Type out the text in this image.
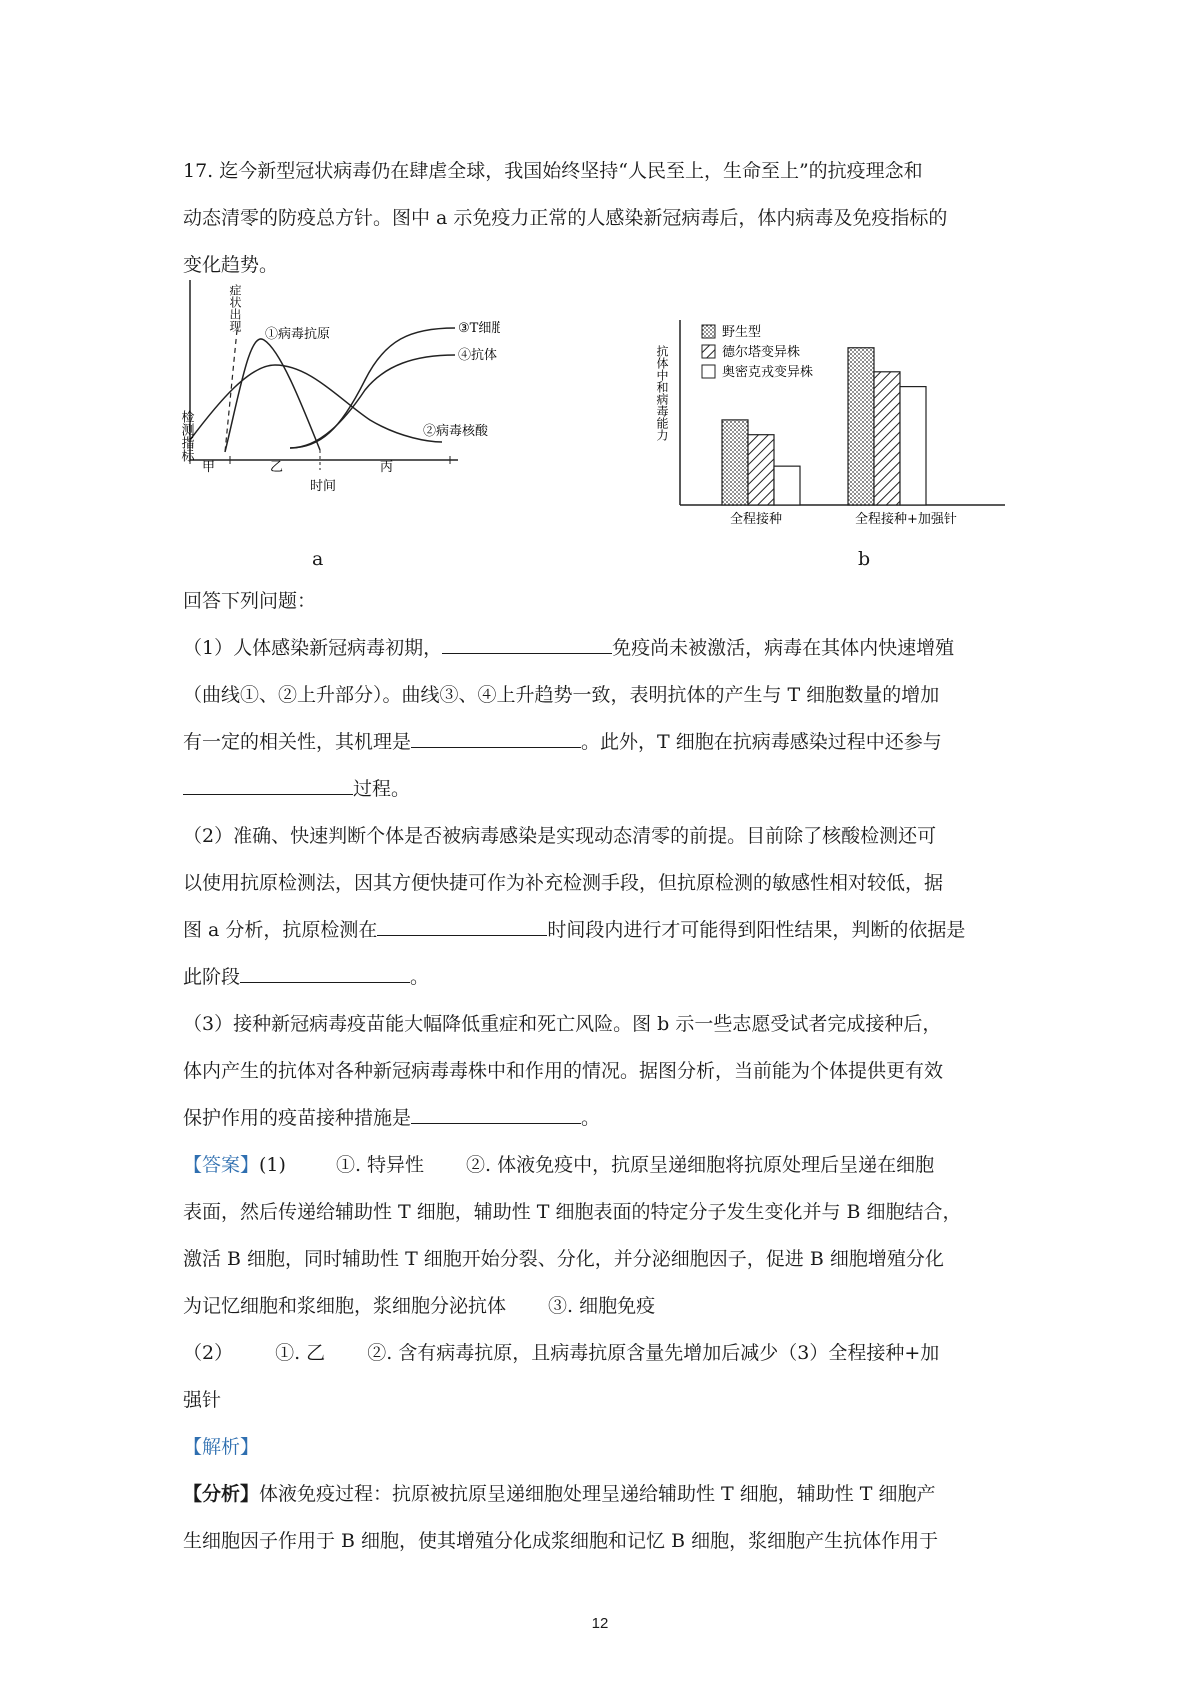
17. 迄今新型冠状病毒仍在肆虐全球，我国始终坚持“人民至上，生命至上”的抗疫理念和
动态清零的防疫总方针。图中 a 示免疫力正常的人感染新冠病毒后，体内病毒及免疫指标的
变化趋势。
检测指标
症状出现
①病毒抗原
②病毒核酸
③T细胞
④抗体
甲	乙	丙
时间
a
抗体中和病毒能力
野生型
德尔塔变异株
奥密克戎变异株
全程接种	全程接种+加强针
b
回答下列问题：
（1）人体感染新冠病毒初期，	免疫尚未被激活，病毒在其体内快速增殖
（曲线①、②上升部分）。曲线③、④上升趋势一致，表明抗体的产生与 T 细胞数量的增加
有一定的相关性，其机理是	。此外，T 细胞在抗病毒感染过程中还参与
过程。
（2）准确、快速判断个体是否被病毒感染是实现动态清零的前提。目前除了核酸检测还可
以使用抗原检测法，因其方便快捷可作为补充检测手段，但抗原检测的敏感性相对较低，据
图 a 分析，抗原检测在	时间段内进行才可能得到阳性结果，判断的依据是
此阶段	。
（3）接种新冠病毒疫苗能大幅降低重症和死亡风险。图 b 示一些志愿受试者完成接种后，
体内产生的抗体对各种新冠病毒毒株中和作用的情况。据图分析，当前能为个体提供更有效
保护作用的疫苗接种措施是	。
【答案】(1)	①. 特异性 ②. 体液免疫中，抗原呈递细胞将抗原处理后呈递在细胞
表面，然后传递给辅助性 T 细胞，辅助性 T 细胞表面的特定分子发生变化并与 B 细胞结合，
激活 B 细胞，同时辅助性 T 细胞开始分裂、分化，并分泌细胞因子，促进 B 细胞增殖分化
为记忆细胞和浆细胞，浆细胞分泌抗体 ③. 细胞免疫
（2） ①. 乙 ②. 含有病毒抗原，且病毒抗原含量先增加后减少（3）全程接种+加
强针
【解析】
【分析】体液免疫过程：抗原被抗原呈递细胞处理呈递给辅助性 T 细胞，辅助性 T 细胞产
生细胞因子作用于 B 细胞，使其增殖分化成浆细胞和记忆 B 细胞，浆细胞产生抗体作用于
12
